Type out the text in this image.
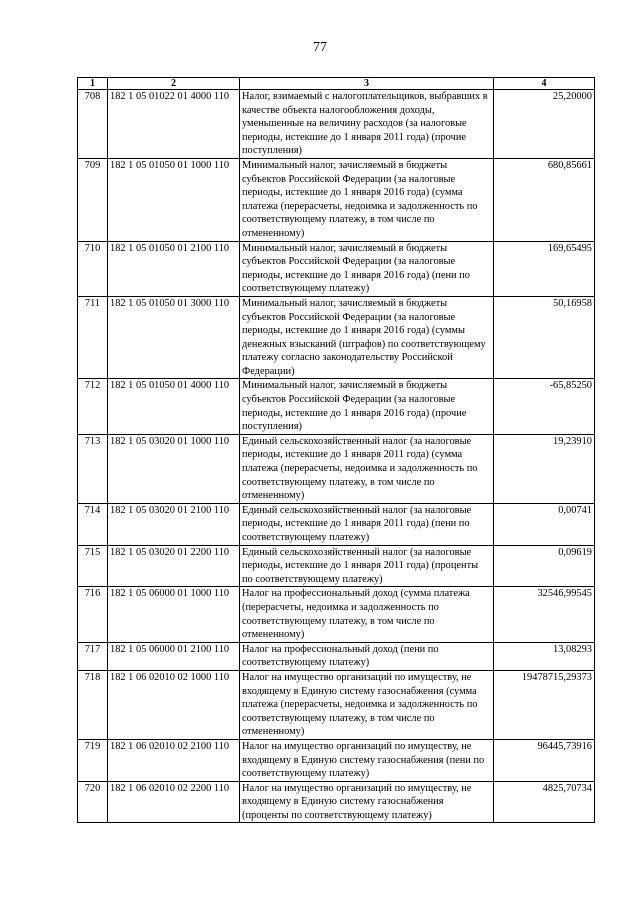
77
1	2	3	4
708	182 1 05 01022 01 4000 110	Налог, взимаемый с налогоплательщиков, выбравших в качестве объекта налогообложения доходы, уменьшенные на величину расходов (за налоговые периоды, истекшие до 1 января 2011 года) (прочие поступления)	25,20000
709	182 1 05 01050 01 1000 110	Минимальный налог, зачисляемый в бюджеты субъектов Российской Федерации (за налоговые периоды, истекшие до 1 января 2016 года) (сумма платежа (перерасчеты, недоимка и задолженность по соответствующему платежу, в том числе по отмененному)	680,85661
710	182 1 05 01050 01 2100 110	Минимальный налог, зачисляемый в бюджеты субъектов Российской Федерации (за налоговые периоды, истекшие до 1 января 2016 года) (пени по соответствующему платежу)	169,65495
711	182 1 05 01050 01 3000 110	Минимальный налог, зачисляемый в бюджеты субъектов Российской Федерации (за налоговые периоды, истекшие до 1 января 2016 года) (суммы денежных взысканий (штрафов) по соответствующему платежу согласно законодательству Российской Федерации)	50,16958
712	182 1 05 01050 01 4000 110	Минимальный налог, зачисляемый в бюджеты субъектов Российской Федерации (за налоговые периоды, истекшие до 1 января 2016 года) (прочие поступления)	-65,85250
713	182 1 05 03020 01 1000 110	Единый сельскохозяйственный налог (за налоговые периоды, истекшие до 1 января 2011 года) (сумма платежа (перерасчеты, недоимка и задолженность по соответствующему платежу, в том числе по отмененному)	19,23910
714	182 1 05 03020 01 2100 110	Единый сельскохозяйственный налог (за налоговые периоды, истекшие до 1 января 2011 года) (пени по соответствующему платежу)	0,00741
715	182 1 05 03020 01 2200 110	Единый сельскохозяйственный налог (за налоговые периоды, истекшие до 1 января 2011 года) (проценты по соответствующему платежу)	0,09619
716	182 1 05 06000 01 1000 110	Налог на профессиональный доход (сумма платежа (перерасчеты, недоимка и задолженность по соответствующему платежу, в том числе по отмененному)	32546,99545
717	182 1 05 06000 01 2100 110	Налог на профессиональный доход (пени по соответствующему платежу)	13,08293
718	182 1 06 02010 02 1000 110	Налог на имущество организаций по имуществу, не входящему в Единую систему газоснабжения (сумма платежа (перерасчеты, недоимка и задолженность по соответствующему платежу, в том числе по отмененному)	19478715,29373
719	182 1 06 02010 02 2100 110	Налог на имущество организаций по имуществу, не входящему в Единую систему газоснабжения (пени по соответствующему платежу)	96445,73916
720	182 1 06 02010 02 2200 110	Налог на имущество организаций по имуществу, не входящему в Единую систему газоснабжения (проценты по соответствующему платежу)	4825,70734
